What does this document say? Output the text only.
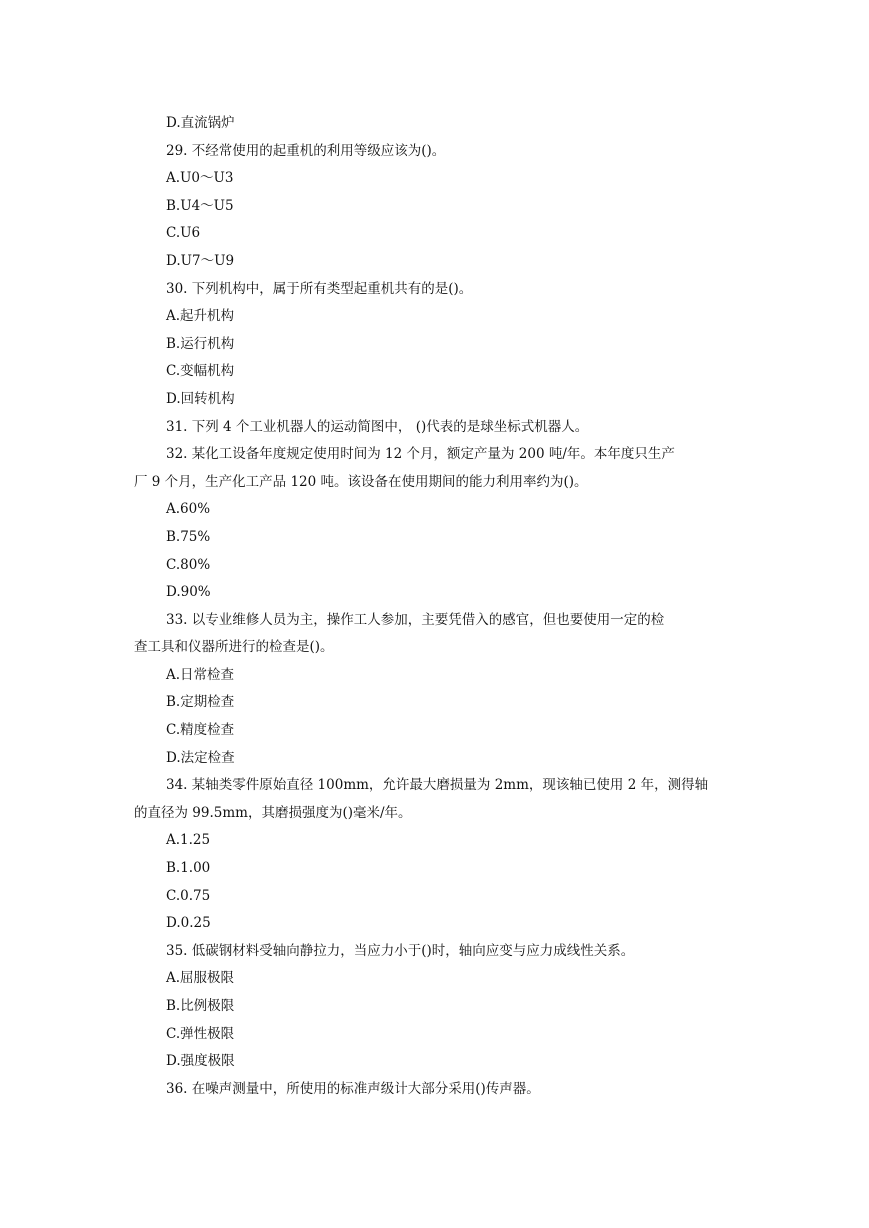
D.直流锅炉
29. 不经常使用的起重机的利用等级应该为()。
A.U0～U3
B.U4～U5
C.U6
D.U7～U9
30. 下列机构中，属于所有类型起重机共有的是()。
A.起升机构
B.运行机构
C.变幅机构
D.回转机构
31. 下列 4 个工业机器人的运动简图中， ()代表的是球坐标式机器人。
32. 某化工设备年度规定使用时间为 12 个月，额定产量为 200 吨/年。本年度只生产
厂 9 个月，生产化工产品 120 吨。该设备在使用期间的能力利用率约为()。
A.60%
B.75%
C.80%
D.90%
33. 以专业维修人员为主，操作工人参加，主要凭借入的感官，但也要使用一定的检
查工具和仪器所进行的检查是()。
A.日常检查
B.定期检查
C.精度检查
D.法定检查
34. 某轴类零件原始直径 100mm，允许最大磨损量为 2mm，现该轴已使用 2 年，测得轴
的直径为 99.5mm，其磨损强度为()毫米/年。
A.1.25
B.1.00
C.0.75
D.0.25
35. 低碳钢材料受轴向静拉力，当应力小于()时，轴向应变与应力成线性关系。
A.屈服极限
B.比例极限
C.弹性极限
D.强度极限
36. 在噪声测量中，所使用的标准声级计大部分采用()传声器。
